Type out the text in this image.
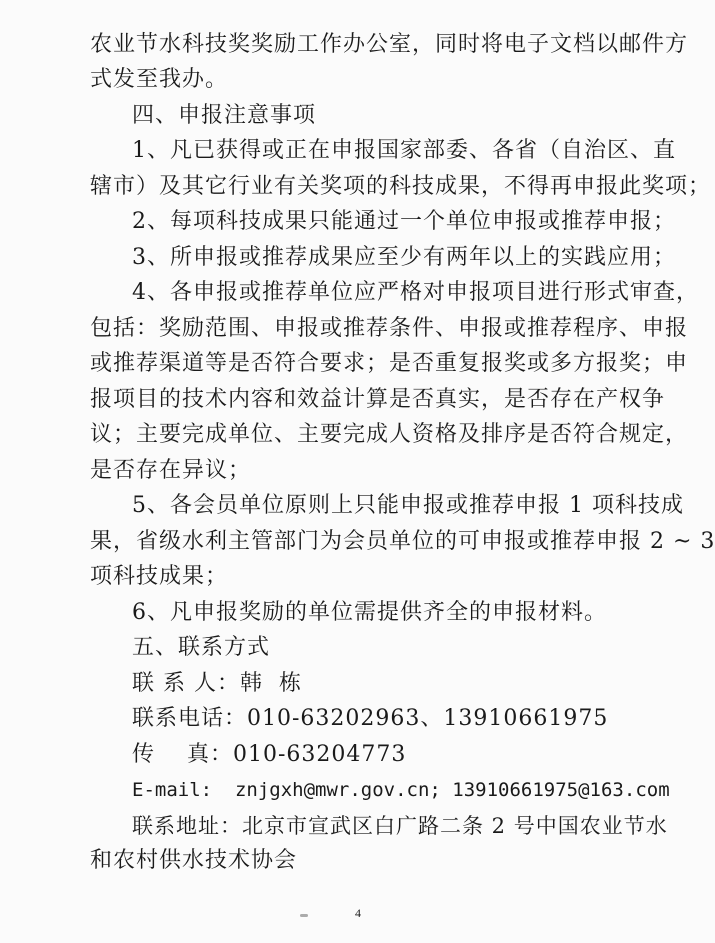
农业节水科技奖奖励工作办公室，同时将电子文档以邮件方
式发至我办。
四、申报注意事项
1、凡已获得或正在申报国家部委、各省（自治区、直
辖市）及其它行业有关奖项的科技成果，不得再申报此奖项；
2、每项科技成果只能通过一个单位申报或推荐申报；
3、所申报或推荐成果应至少有两年以上的实践应用；
4、各申报或推荐单位应严格对申报项目进行形式审查，
包括：奖励范围、申报或推荐条件、申报或推荐程序、申报
或推荐渠道等是否符合要求；是否重复报奖或多方报奖；申
报项目的技术内容和效益计算是否真实，是否存在产权争
议；主要完成单位、主要完成人资格及排序是否符合规定，
是否存在异议；
5、各会员单位原则上只能申报或推荐申报 1 项科技成
果，省级水利主管部门为会员单位的可申报或推荐申报 2 ~ 3
项科技成果；
6、凡申报奖励的单位需提供齐全的申报材料。
五、联系方式
联 系 人：韩  栋
联系电话：010-63202963、13910661975
传    真：010-63204773
E-mail:  znjgxh@mwr.gov.cn; 13910661975@163.com
联系地址：北京市宣武区白广路二条 2 号中国农业节水
和农村供水技术协会
4
